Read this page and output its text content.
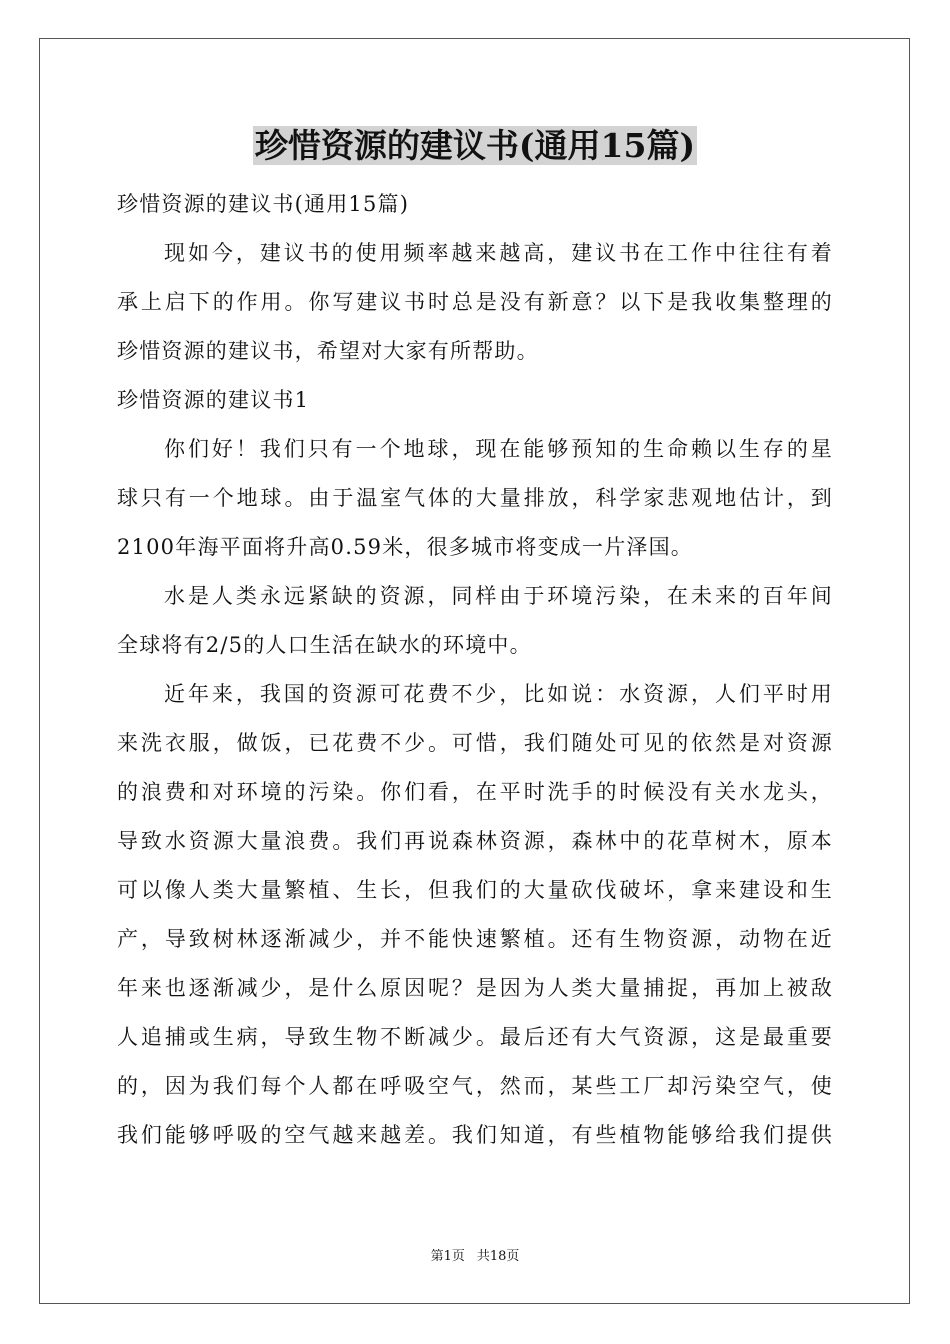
珍惜资源的建议书(通用15篇)

珍惜资源的建议书(通用15篇)

现如今，建议书的使用频率越来越高，建议书在工作中往往有着

承上启下的作用。你写建议书时总是没有新意？以下是我收集整理的

珍惜资源的建议书，希望对大家有所帮助。

珍惜资源的建议书1

你们好！我们只有一个地球，现在能够预知的生命赖以生存的星

球只有一个地球。由于温室气体的大量排放，科学家悲观地估计，到

2100年海平面将升高0.59米，很多城市将变成一片泽国。

水是人类永远紧缺的资源，同样由于环境污染，在未来的百年间

全球将有2/5的人口生活在缺水的环境中。

近年来，我国的资源可花费不少，比如说：水资源，人们平时用

来洗衣服，做饭，已花费不少。可惜，我们随处可见的依然是对资源

的浪费和对环境的污染。你们看，在平时洗手的时候没有关水龙头，

导致水资源大量浪费。我们再说森林资源，森林中的花草树木，原本

可以像人类大量繁植、生长，但我们的大量砍伐破坏，拿来建设和生

产，导致树林逐渐减少，并不能快速繁植。还有生物资源，动物在近

年来也逐渐减少，是什么原因呢？是因为人类大量捕捉，再加上被敌

人追捕或生病，导致生物不断减少。最后还有大气资源，这是最重要

的，因为我们每个人都在呼吸空气，然而，某些工厂却污染空气，使

我们能够呼吸的空气越来越差。我们知道，有些植物能够给我们提供

第1页 共18页
